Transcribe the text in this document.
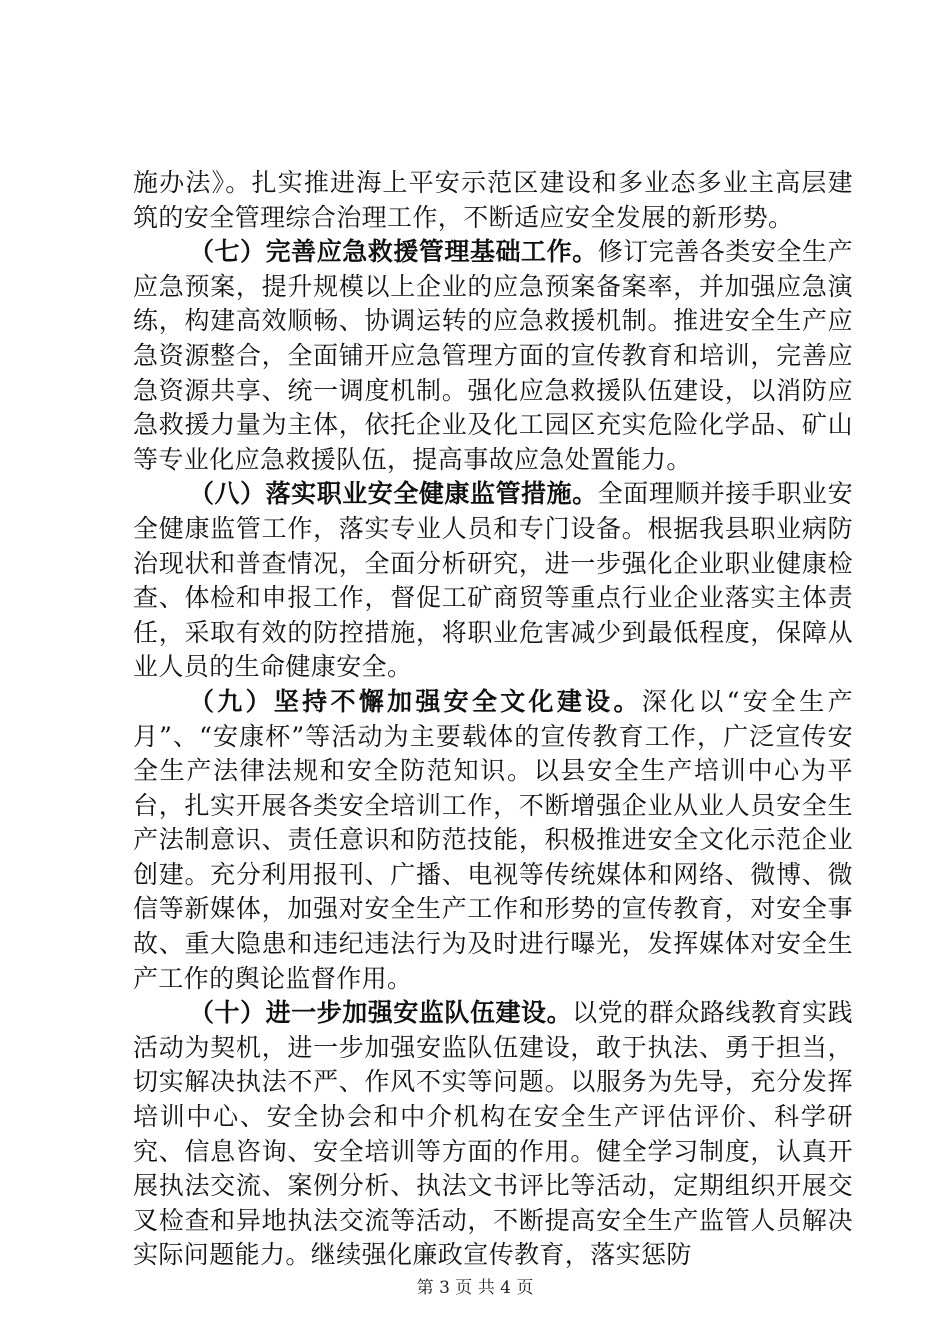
施办法》。扎实推进海上平安示范区建设和多业态多业主高层建筑的安全管理综合治理工作，不断适应安全发展的新形势。

（七）完善应急救援管理基础工作。修订完善各类安全生产应急预案，提升规模以上企业的应急预案备案率，并加强应急演练，构建高效顺畅、协调运转的应急救援机制。推进安全生产应急资源整合，全面铺开应急管理方面的宣传教育和培训，完善应急资源共享、统一调度机制。强化应急救援队伍建设，以消防应急救援力量为主体，依托企业及化工园区充实危险化学品、矿山等专业化应急救援队伍，提高事故应急处置能力。

（八）落实职业安全健康监管措施。全面理顺并接手职业安全健康监管工作，落实专业人员和专门设备。根据我县职业病防治现状和普查情况，全面分析研究，进一步强化企业职业健康检查、体检和申报工作，督促工矿商贸等重点行业企业落实主体责任，采取有效的防控措施，将职业危害减少到最低程度，保障从业人员的生命健康安全。

（九）坚持不懈加强安全文化建设。深化以“安全生产月”、“安康杯”等活动为主要载体的宣传教育工作，广泛宣传安全生产法律法规和安全防范知识。以县安全生产培训中心为平台，扎实开展各类安全培训工作，不断增强企业从业人员安全生产法制意识、责任意识和防范技能，积极推进安全文化示范企业创建。充分利用报刊、广播、电视等传统媒体和网络、微博、微信等新媒体，加强对安全生产工作和形势的宣传教育，对安全事故、重大隐患和违纪违法行为及时进行曝光，发挥媒体对安全生产工作的舆论监督作用。

（十）进一步加强安监队伍建设。以党的群众路线教育实践活动为契机，进一步加强安监队伍建设，敢于执法、勇于担当，切实解决执法不严、作风不实等问题。以服务为先导，充分发挥培训中心、安全协会和中介机构在安全生产评估评价、科学研究、信息咨询、安全培训等方面的作用。健全学习制度，认真开展执法交流、案例分析、执法文书评比等活动，定期组织开展交叉检查和异地执法交流等活动，不断提高安全生产监管人员解决实际问题能力。继续强化廉政宣传教育，落实惩防

第 3 页 共 4 页
